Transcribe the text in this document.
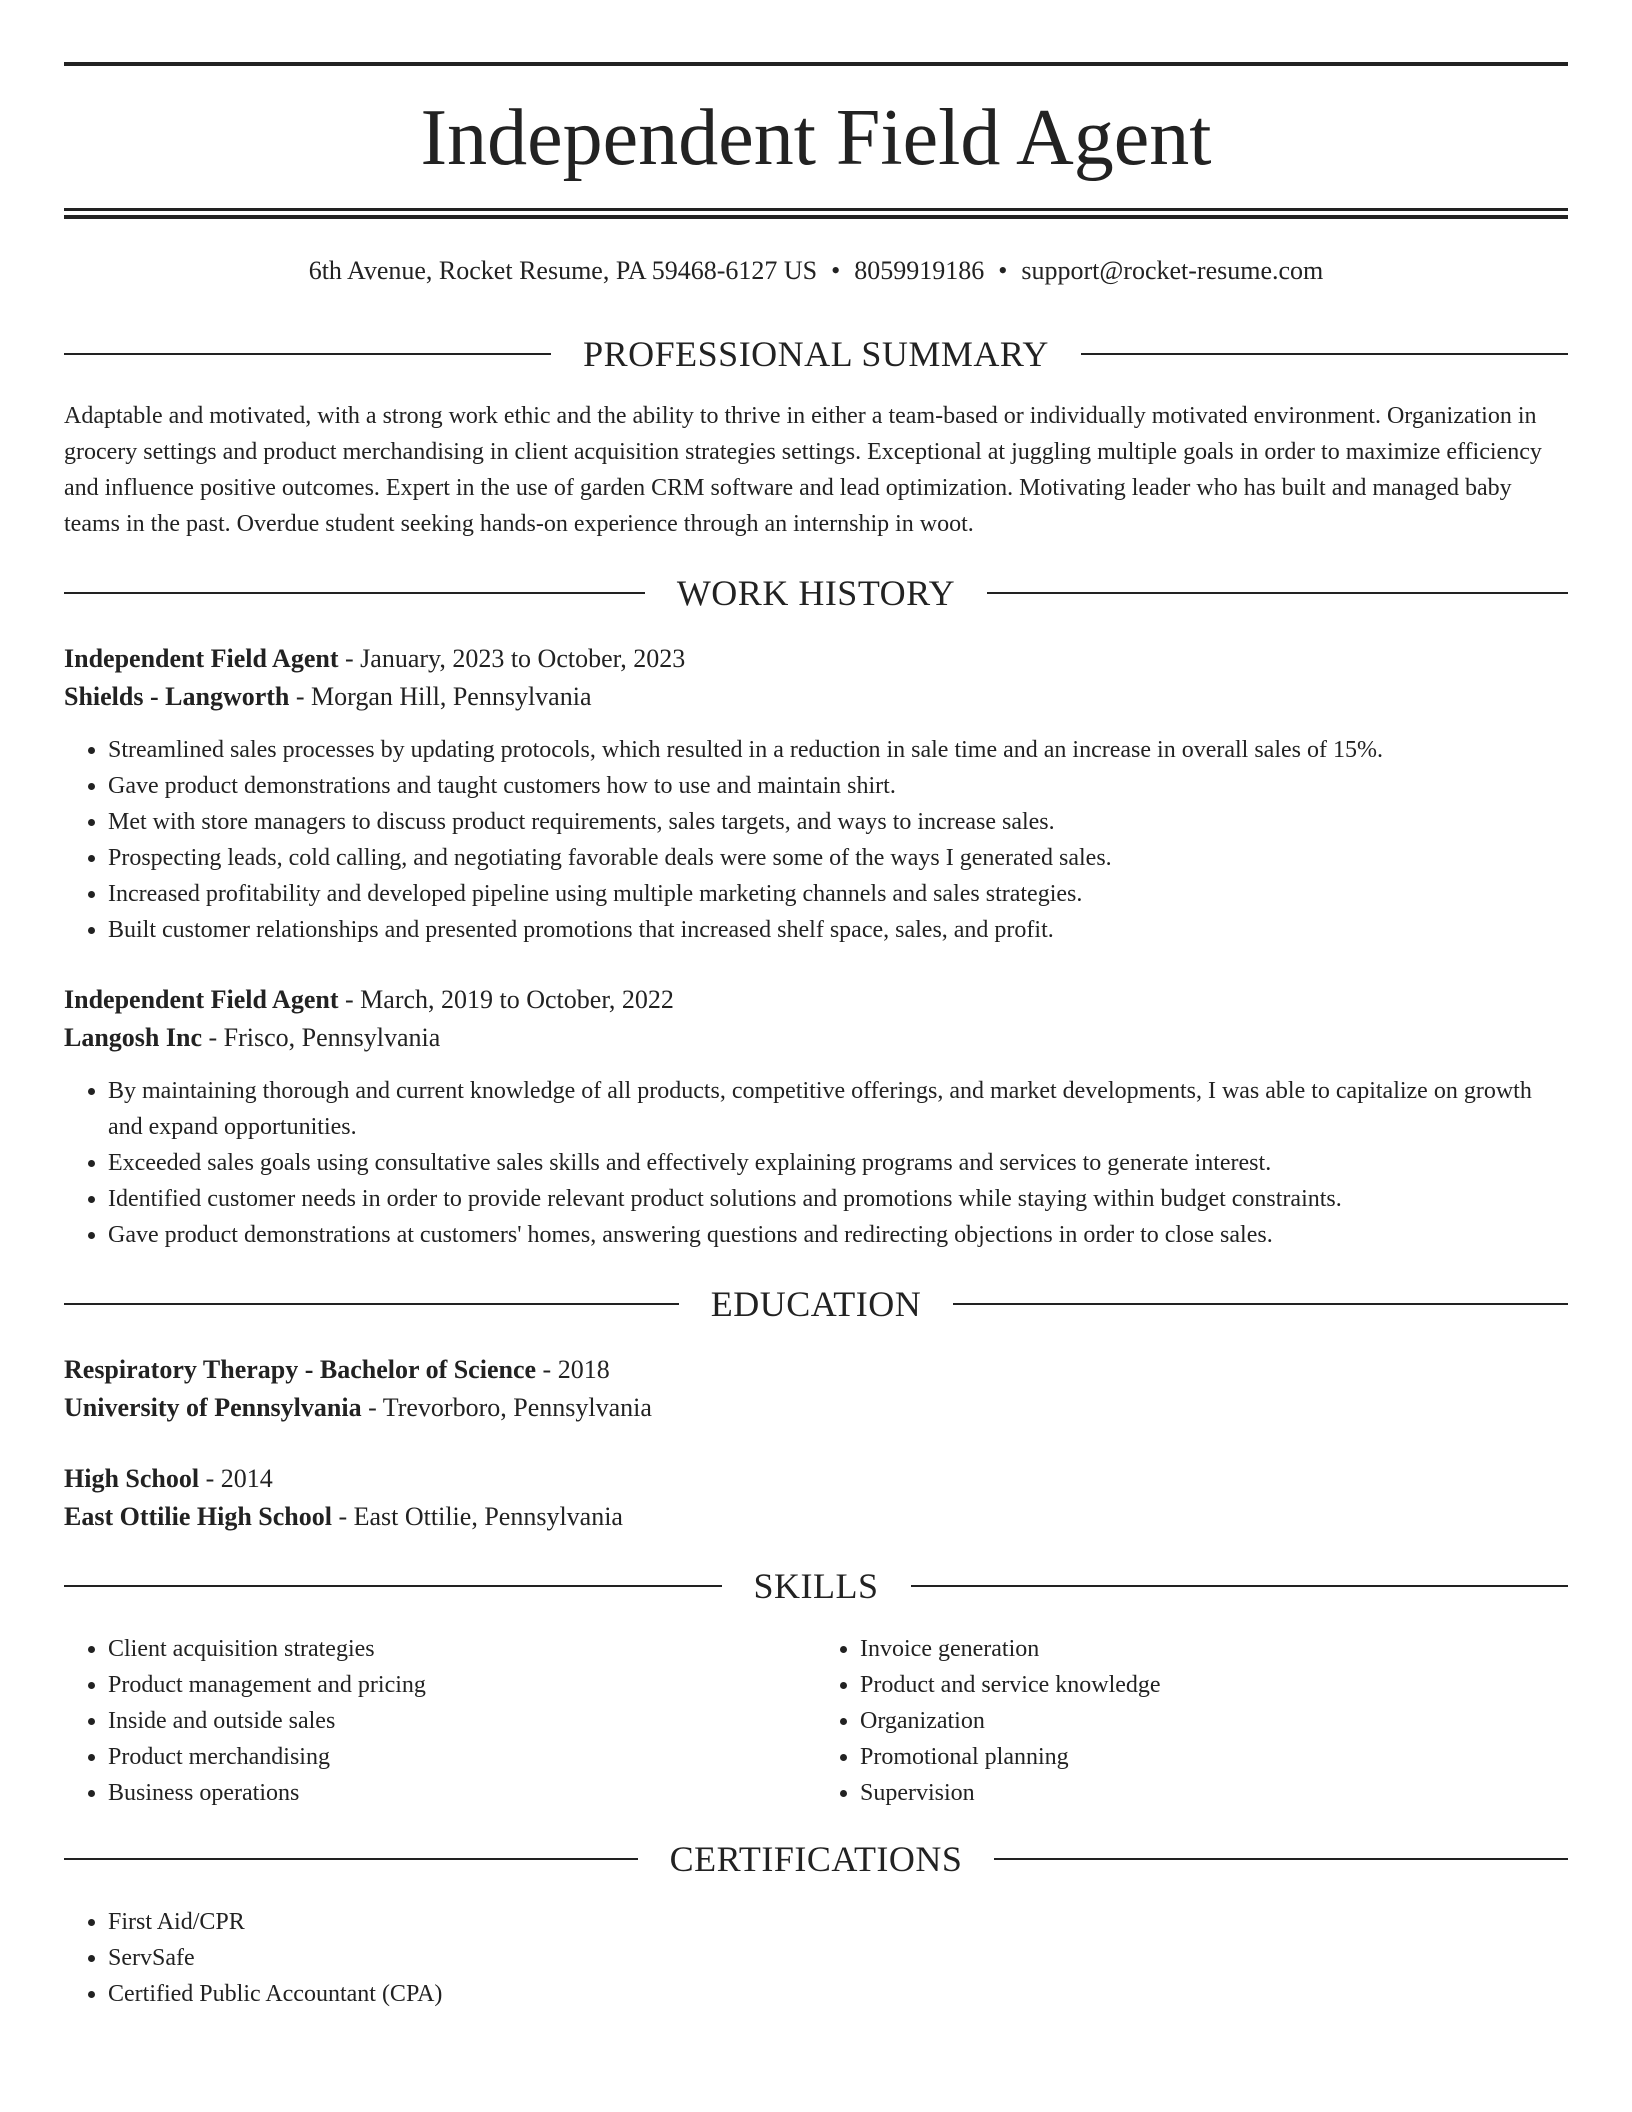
Independent Field Agent
6th Avenue, Rocket Resume, PA 59468-6127 US • 8059919186 • support@rocket-resume.com
PROFESSIONAL SUMMARY
Adaptable and motivated, with a strong work ethic and the ability to thrive in either a team-based or individually motivated environment. Organization in grocery settings and product merchandising in client acquisition strategies settings. Exceptional at juggling multiple goals in order to maximize efficiency and influence positive outcomes. Expert in the use of garden CRM software and lead optimization. Motivating leader who has built and managed baby teams in the past. Overdue student seeking hands-on experience through an internship in woot.
WORK HISTORY
Independent Field Agent - January, 2023 to October, 2023
Shields - Langworth - Morgan Hill, Pennsylvania
• Streamlined sales processes by updating protocols, which resulted in a reduction in sale time and an increase in overall sales of 15%.
• Gave product demonstrations and taught customers how to use and maintain shirt.
• Met with store managers to discuss product requirements, sales targets, and ways to increase sales.
• Prospecting leads, cold calling, and negotiating favorable deals were some of the ways I generated sales.
• Increased profitability and developed pipeline using multiple marketing channels and sales strategies.
• Built customer relationships and presented promotions that increased shelf space, sales, and profit.
Independent Field Agent - March, 2019 to October, 2022
Langosh Inc - Frisco, Pennsylvania
• By maintaining thorough and current knowledge of all products, competitive offerings, and market developments, I was able to capitalize on growth and expand opportunities.
• Exceeded sales goals using consultative sales skills and effectively explaining programs and services to generate interest.
• Identified customer needs in order to provide relevant product solutions and promotions while staying within budget constraints.
• Gave product demonstrations at customers' homes, answering questions and redirecting objections in order to close sales.
EDUCATION
Respiratory Therapy - Bachelor of Science - 2018
University of Pennsylvania - Trevorboro, Pennsylvania
High School - 2014
East Ottilie High School - East Ottilie, Pennsylvania
SKILLS
• Client acquisition strategies
• Product management and pricing
• Inside and outside sales
• Product merchandising
• Business operations
• Invoice generation
• Product and service knowledge
• Organization
• Promotional planning
• Supervision
CERTIFICATIONS
• First Aid/CPR
• ServSafe
• Certified Public Accountant (CPA)
